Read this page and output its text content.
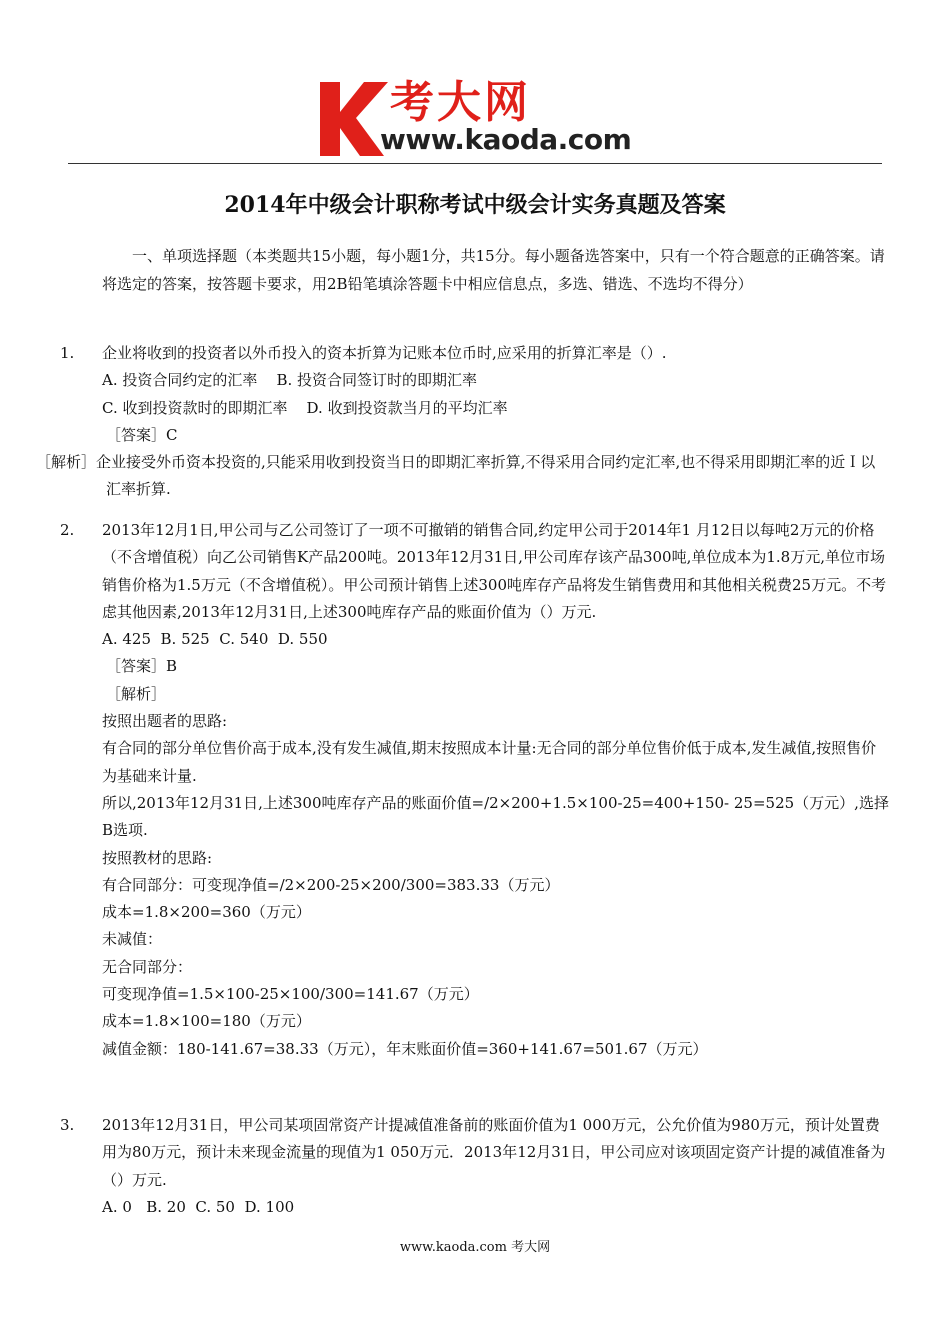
考大网
www.kaoda.com
2014年中级会计职称考试中级会计实务真题及答案
一、单项选择题（本类题共15小题，每小题1分，共15分。每小题备选答案中，只有一个符合题意的正确答案。请将选定的答案，按答题卡要求，用2B铅笔填涂答题卡中相应信息点，多选、错选、不选均不得分）
1.	企业将收到的投资者以外币投入的资本折算为记账本位币时,应采用的折算汇率是（）.
A. 投资合同约定的汇率    B. 投资合同签订时的即期汇率
C. 收到投资款时的即期汇率    D. 收到投资款当月的平均汇率
［答案］C
［解析］企业接受外币资本投资的,只能采用收到投资当日的即期汇率折算,不得采用合同约定汇率,也不得采用即期汇率的近Ｉ以汇率折算.
2.	2013年12月1日,甲公司与乙公司签订了一项不可撤销的销售合同,约定甲公司于2014年1 月12日以每吨2万元的价格（不含增值税）向乙公司销售K产品200吨。2013年12月31日,甲公司库存该产品300吨,单位成本为1.8万元,单位市场销售价格为1.5万元（不含增值税）。甲公司预计销售上述300吨库存产品将发生销售费用和其他相关税费25万元。不考虑其他因素,2013年12月31日,上述300吨库存产品的账面价值为（）万元.
A. 425  B. 525  C. 540  D. 550
［答案］B
［解析］
按照出题者的思路:
有合同的部分单位售价高于成本,没有发生减值,期末按照成本计量:无合同的部分单位售价低于成本,发生减值,按照售价为基础来计量.
所以,2013年12月31日,上述300吨库存产品的账面价值=/2×200+1.5×100-25=400+150- 25=525（万元）,选择B选项.
按照教材的思路:
有合同部分：可变现净值=/2×200-25×200/300=383.33（万元）
成本=1.8×200=360（万元）
未减值：
无合同部分：
可变现净值=1.5×100-25×100/300=141.67（万元）
成本=1.8×100=180（万元）
减值金额：180-141.67=38.33（万元），年末账面价值=360+141.67=501.67（万元）
3.	2013年12月31日，甲公司某项固常资产计提减值准备前的账面价值为1 000万元，公允价值为980万元，预计处置费用为80万元，预计未来现金流量的现值为1 050万元．2013年12月31日，甲公司应对该项固定资产计提的减值准备为（）万元.
A. 0   B. 20  C. 50  D. 100
www.kaoda.com 考大网
